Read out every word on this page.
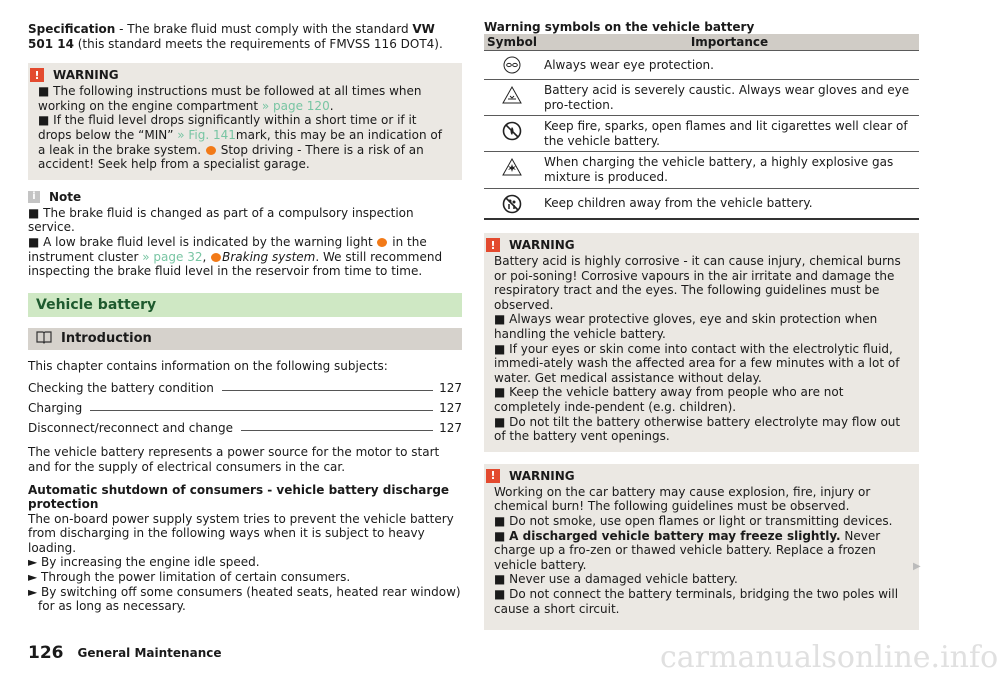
Specification - The brake fluid must comply with the standard VW 501 14 (this standard meets the requirements of FMVSS 116 DOT4).

!	WARNING

■ The following instructions must be followed at all times when working on the engine compartment » page 120.

■ If the fluid level drops significantly within a short time or if it drops below the “MIN” » Fig. 141mark, this may be an indication of a leak in the brake system.  Stop driving - There is a risk of an accident! Seek help from a specialist garage.

i	Note

■ The brake fluid is changed as part of a compulsory inspection service.

■ A low brake fluid level is indicated by the warning light  in the instrument cluster » page 32, Braking system. We still recommend inspecting the brake fluid level in the reservoir from time to time.

Vehicle battery
Introduction

This chapter contains information on the following subjects:

Checking the battery condition	127
Charging	127
Disconnect/reconnect and change	127

The vehicle battery represents a power source for the motor to start and for the supply of electrical consumers in the car.

Automatic shutdown of consumers - vehicle battery discharge protection

The on-board power supply system tries to prevent the vehicle battery from discharging in the following ways when it is subject to heavy loading.

► By increasing the engine idle speed.

► Through the power limitation of certain consumers.

► By switching off some consumers (heated seats, heated rear window) for as long as necessary.

Warning symbols on the vehicle battery
Symbol	Importance
	Always wear eye protection.
	Battery acid is severely caustic. Always wear gloves and eye pro-tection.
	Keep fire, sparks, open flames and lit cigarettes well clear of the vehicle battery.
	When charging the vehicle battery, a highly explosive gas mixture is produced.
	Keep children away from the vehicle battery.
!	WARNING

Battery acid is highly corrosive - it can cause injury, chemical burns or poi-soning! Corrosive vapours in the air irritate and damage the respiratory tract and the eyes. The following guidelines must be observed.

■ Always wear protective gloves, eye and skin protection when handling the vehicle battery.

■ If your eyes or skin come into contact with the electrolytic fluid, immedi-ately wash the affected area for a few minutes with a lot of water. Get medical assistance without delay.

■ Keep the vehicle battery away from people who are not completely inde-pendent (e.g. children).

■ Do not tilt the battery otherwise battery electrolyte may flow out of the battery vent openings.

!	WARNING

Working on the car battery may cause explosion, fire, injury or chemical burn! The following guidelines must be observed.

■ Do not smoke, use open flames or light or transmitting devices.

■ A discharged vehicle battery may freeze slightly. Never charge up a fro-zen or thawed vehicle battery. Replace a frozen vehicle battery.

■ Never use a damaged vehicle battery.

■ Do not connect the battery terminals, bridging the two poles will cause a short circuit.

▶
126 General Maintenance	carmanualsonline.info
